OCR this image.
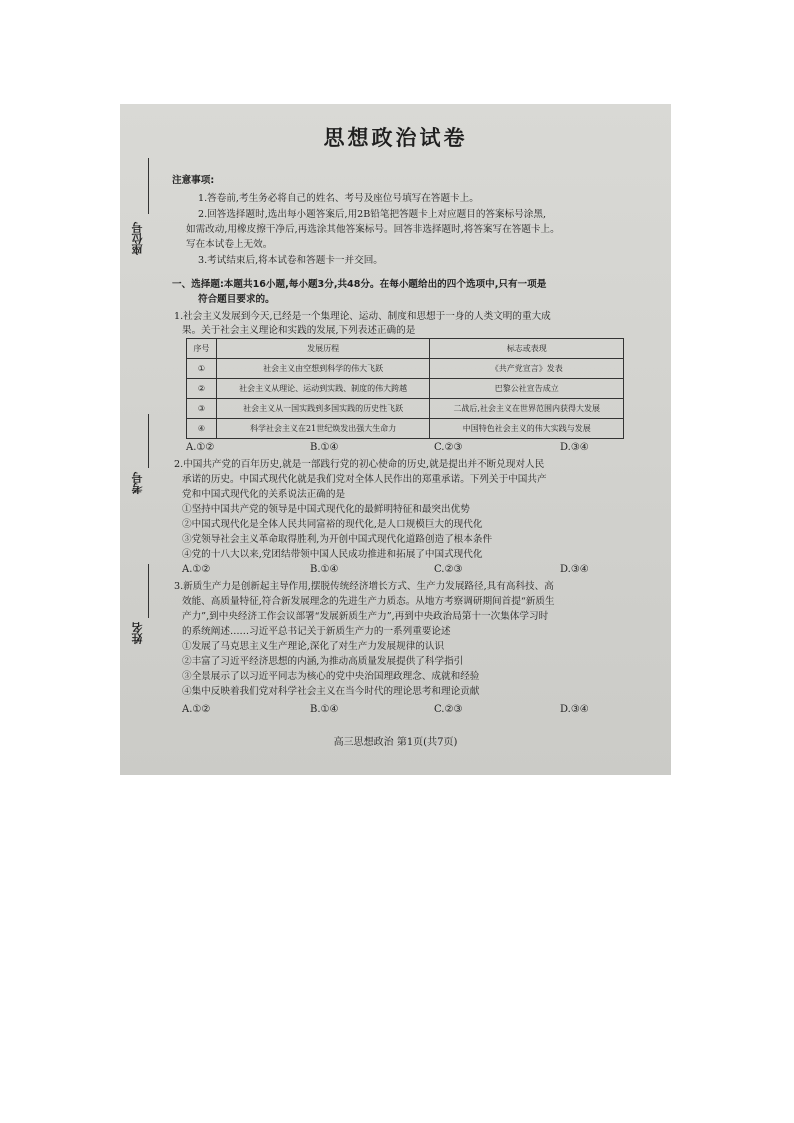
思想政治试卷
座位号
考号
姓名
注意事项:
1.答卷前,考生务必将自己的姓名、考号及座位号填写在答题卡上。
2.回答选择题时,选出每小题答案后,用2B铅笔把答题卡上对应题目的答案标号涂黑,
如需改动,用橡皮擦干净后,再选涂其他答案标号。回答非选择题时,将答案写在答题卡上。
写在本试卷上无效。
3.考试结束后,将本试卷和答题卡一并交回。
一、选择题:本题共16小题,每小题3分,共48分。在每小题给出的四个选项中,只有一项是
符合题目要求的。
1.社会主义发展到今天,已经是一个集理论、运动、制度和思想于一身的人类文明的重大成
果。关于社会主义理论和实践的发展,下列表述正确的是
序号	发展历程	标志或表现
①	社会主义由空想到科学的伟大飞跃	《共产党宣言》发表
②	社会主义从理论、运动到实践、制度的伟大跨越	巴黎公社宣告成立
③	社会主义从一国实践到多国实践的历史性飞跃	二战后,社会主义在世界范围内获得大发展
④	科学社会主义在21世纪焕发出强大生命力	中国特色社会主义的伟大实践与发展
A.①②	B.①④	C.②③	D.③④
2.中国共产党的百年历史,就是一部践行党的初心使命的历史,就是提出并不断兑现对人民
承诺的历史。中国式现代化就是我们党对全体人民作出的郑重承诺。下列关于中国共产
党和中国式现代化的关系说法正确的是
①坚持中国共产党的领导是中国式现代化的最鲜明特征和最突出优势
②中国式现代化是全体人民共同富裕的现代化,是人口规模巨大的现代化
③党领导社会主义革命取得胜利,为开创中国式现代化道路创造了根本条件
④党的十八大以来,党团结带领中国人民成功推进和拓展了中国式现代化
A.①②	B.①④	C.②③	D.③④
3.新质生产力是创新起主导作用,摆脱传统经济增长方式、生产力发展路径,具有高科技、高
效能、高质量特征,符合新发展理念的先进生产力质态。从地方考察调研期间首提“新质生
产力”,到中央经济工作会议部署“发展新质生产力”,再到中央政治局第十一次集体学习时
的系统阐述……习近平总书记关于新质生产力的一系列重要论述
①发展了马克思主义生产理论,深化了对生产力发展规律的认识
②丰富了习近平经济思想的内涵,为推动高质量发展提供了科学指引
③全景展示了以习近平同志为核心的党中央治国理政理念、成就和经验
④集中反映着我们党对科学社会主义在当今时代的理论思考和理论贡献
A.①②	B.①④	C.②③	D.③④
高三思想政治 第1页(共7页)
